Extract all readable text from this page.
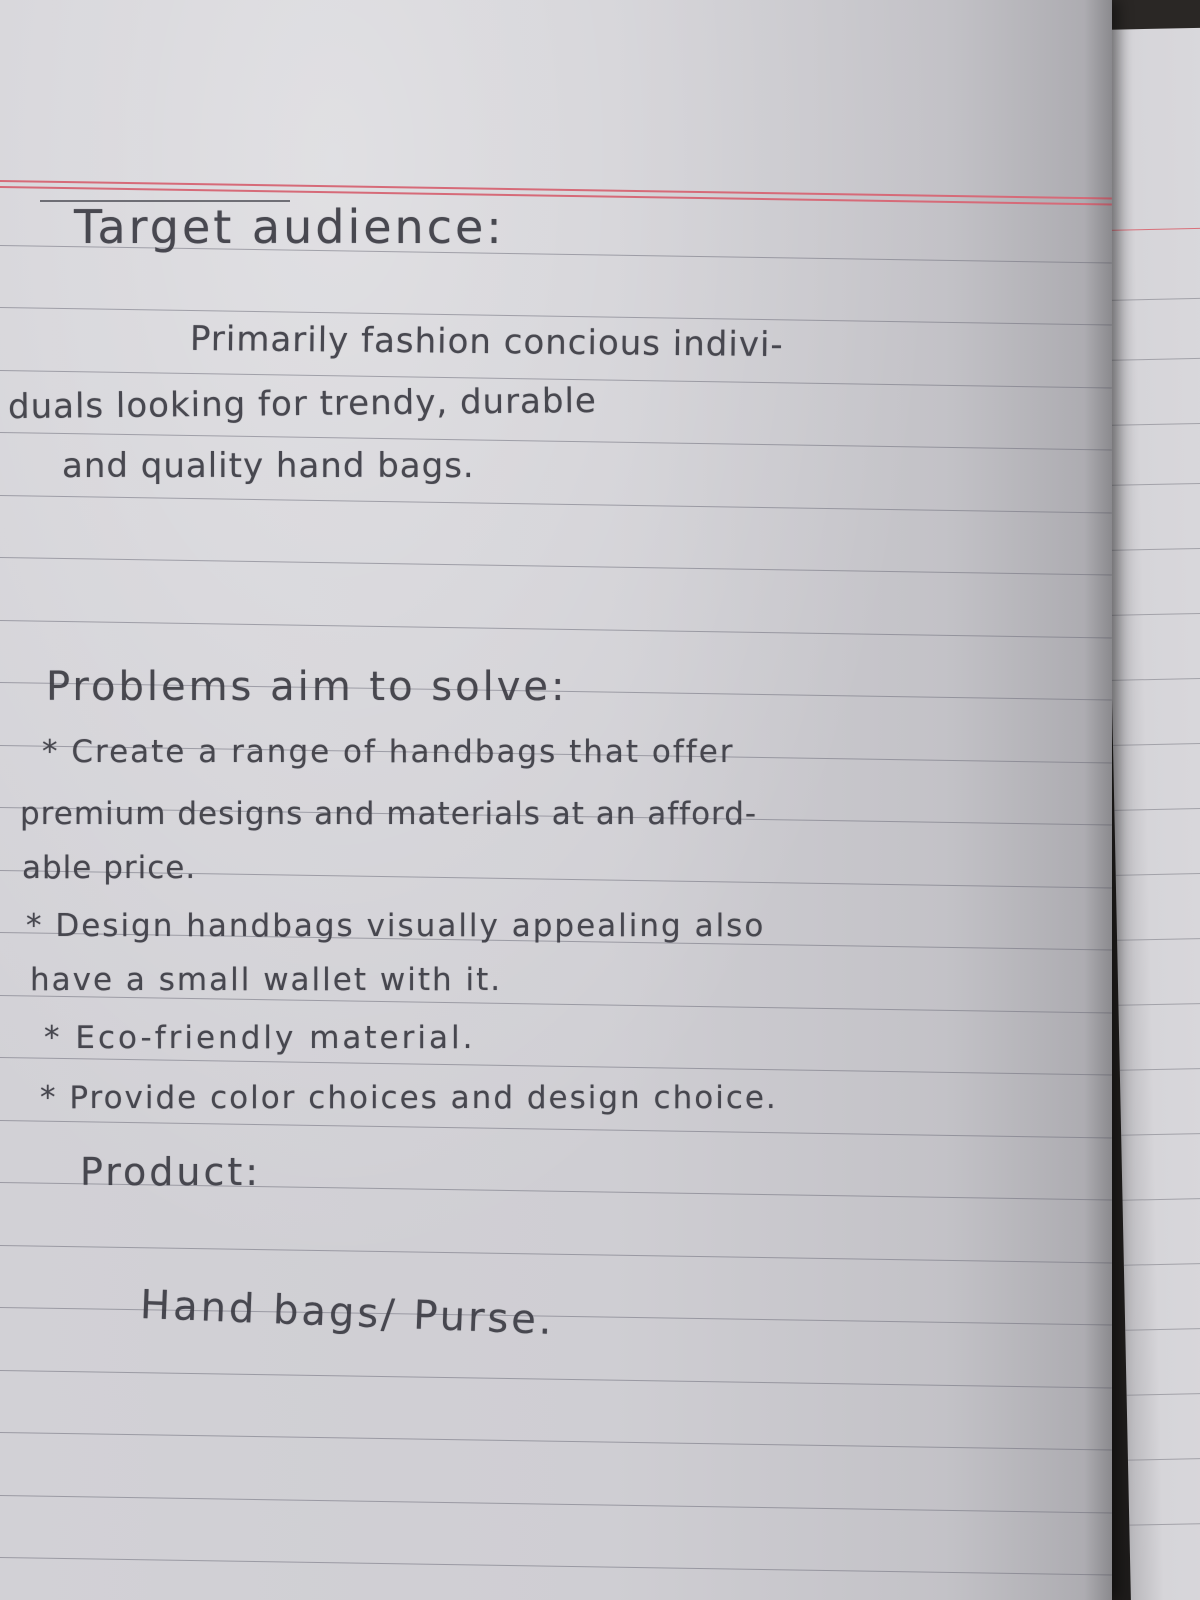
Target audience:
Primarily fashion concious indivi-
duals looking for trendy, durable
and quality hand bags.
Problems aim to solve:
* Create a range of handbags that offer
premium designs and materials at an afford-
able price.
* Design handbags visually appealing also
have a small wallet with it.
* Eco-friendly material.
* Provide color choices and design choice.
Product:
Hand bags/ Purse.
